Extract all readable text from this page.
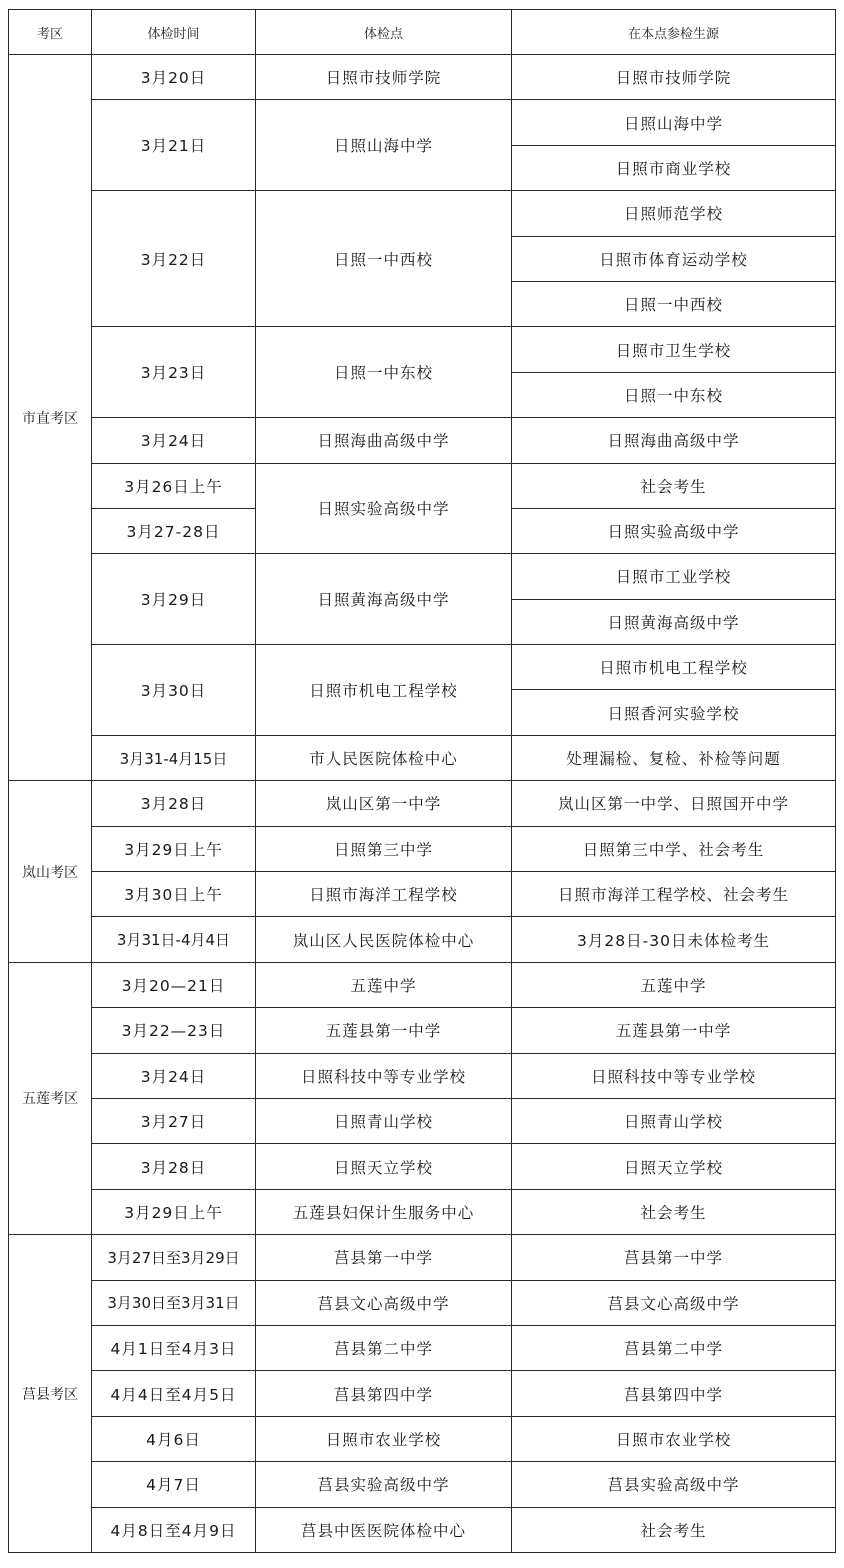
考区	体检时间	体检点	在本点参检生源
市直考区	3月20日	日照市技师学院	日照市技师学院
	3月21日	日照山海中学	日照山海中学
			日照市商业学校
	3月22日	日照一中西校	日照师范学校
			日照市体育运动学校
			日照一中西校
	3月23日	日照一中东校	日照市卫生学校
			日照一中东校
	3月24日	日照海曲高级中学	日照海曲高级中学
	3月26日上午	日照实验高级中学	社会考生
	3月27-28日		日照实验高级中学
	3月29日	日照黄海高级中学	日照市工业学校
			日照黄海高级中学
	3月30日	日照市机电工程学校	日照市机电工程学校
			日照香河实验学校
	3月31-4月15日	市人民医院体检中心	处理漏检、复检、补检等问题
岚山考区	3月28日	岚山区第一中学	岚山区第一中学、日照国开中学
	3月29日上午	日照第三中学	日照第三中学、社会考生
	3月30日上午	日照市海洋工程学校	日照市海洋工程学校、社会考生
	3月31日-4月4日	岚山区人民医院体检中心	3月28日-30日未体检考生
五莲考区	3月20—21日	五莲中学	五莲中学
	3月22—23日	五莲县第一中学	五莲县第一中学
	3月24日	日照科技中等专业学校	日照科技中等专业学校
	3月27日	日照青山学校	日照青山学校
	3月28日	日照天立学校	日照天立学校
	3月29日上午	五莲县妇保计生服务中心	社会考生
莒县考区	3月27日至3月29日	莒县第一中学	莒县第一中学
	3月30日至3月31日	莒县文心高级中学	莒县文心高级中学
	4月1日至4月3日	莒县第二中学	莒县第二中学
	4月4日至4月5日	莒县第四中学	莒县第四中学
	4月6日	日照市农业学校	日照市农业学校
	4月7日	莒县实验高级中学	莒县实验高级中学
	4月8日至4月9日	莒县中医医院体检中心	社会考生
